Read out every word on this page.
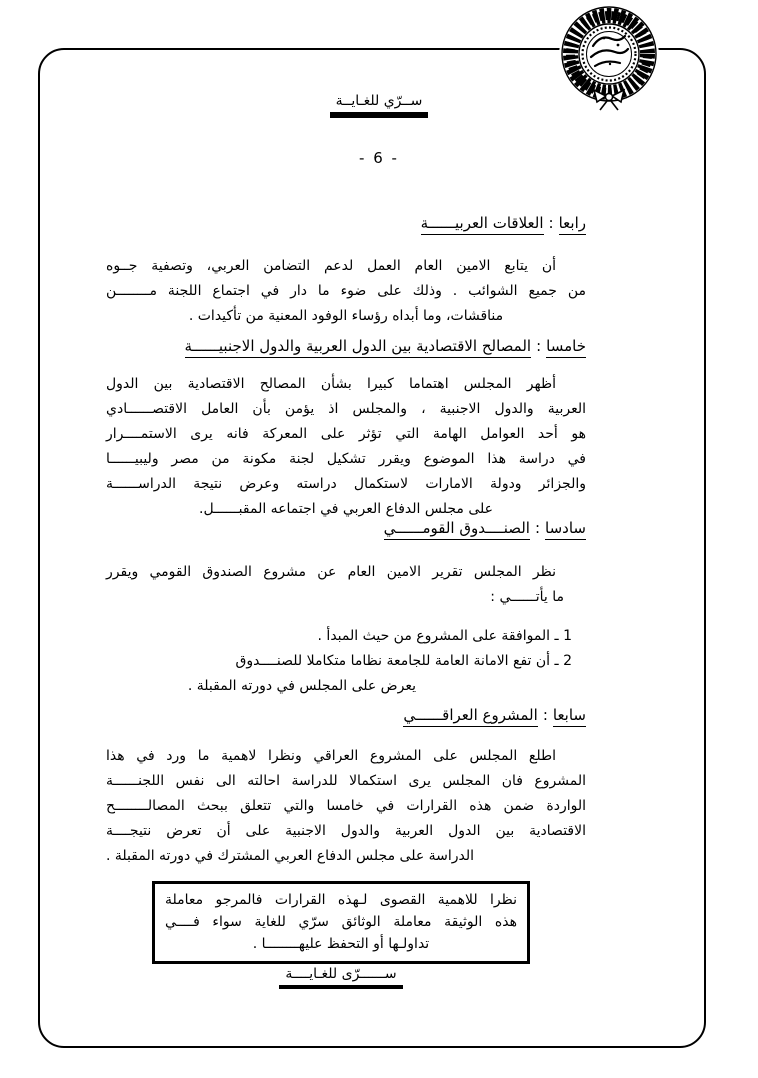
ســرّي للغـايــة
- 6 -
رابعا:العلاقات العربيــــــة
أن يتابع الامين العام العمل لدعم التضامن العربي، وتصفية جــوه
من جميع الشوائب . وذلك على ضوء ما دار في اجتماع اللجنة مــــــــن
مناقشات، وما أبداه رؤساء الوفود المعنية من تأكيدات .
خامسا:المصالح الاقتصادية بين الدول العربية والدول الاجنبيــــــة
أظهر المجلس اهتماما كبيرا بشأن المصالح الاقتصادية بين الدول
العربية والدول الاجنبية ، والمجلس اذ يؤمن بأن العامل الاقتصــــــادي
هو أحد العوامل الهامة التي تؤثر على المعركة فانه يرى الاستمــــرار
في دراسة هذا الموضوع ويقرر تشكيل لجنة مكونة من مصر وليبيــــــا
والجزائر ودولة الامارات لاستكمال دراسته وعرض نتيجة الدراســــــة
على مجلس الدفاع العربي في اجتماعه المقبــــــل.
سادسا:الصنــــدوق القومــــــي
نظر المجلس تقرير الامين العام عن مشروع الصندوق القومي ويقرر
ما يأتــــــي :
1 ـ الموافقة على المشروع من حيث المبدأ .
2 ـ أن تفع الامانة العامة للجامعة نظاما متكاملا للصنــــدوق
يعرض على المجلس في دورته المقبلة .
سابعا:المشروع العراقــــــي
اطلع المجلس على المشروع العراقي ونظرا لاهمية ما ورد في هذا
المشروع فان المجلس يرى استكمالا للدراسة احالته الى نفس اللجنــــــة
الواردة ضمن هذه القرارات في خامسا والتي تتعلق ببحث المصالــــــــح
الاقتصادية بين الدول العربية والدول الاجنبية على أن تعرض نتيجــــة
الدراسة على مجلس الدفاع العربي المشترك في دورته المقبلة .
نظرا للاهمية القصوى لـهذه القرارات فالمرجو معاملة
هذه الوثيقة معاملة الوثائق سرّي للغاية سواء فــــي
تداولـها أو التحفظ عليهــــــــا .
ســــــرّى للغـايــــة
